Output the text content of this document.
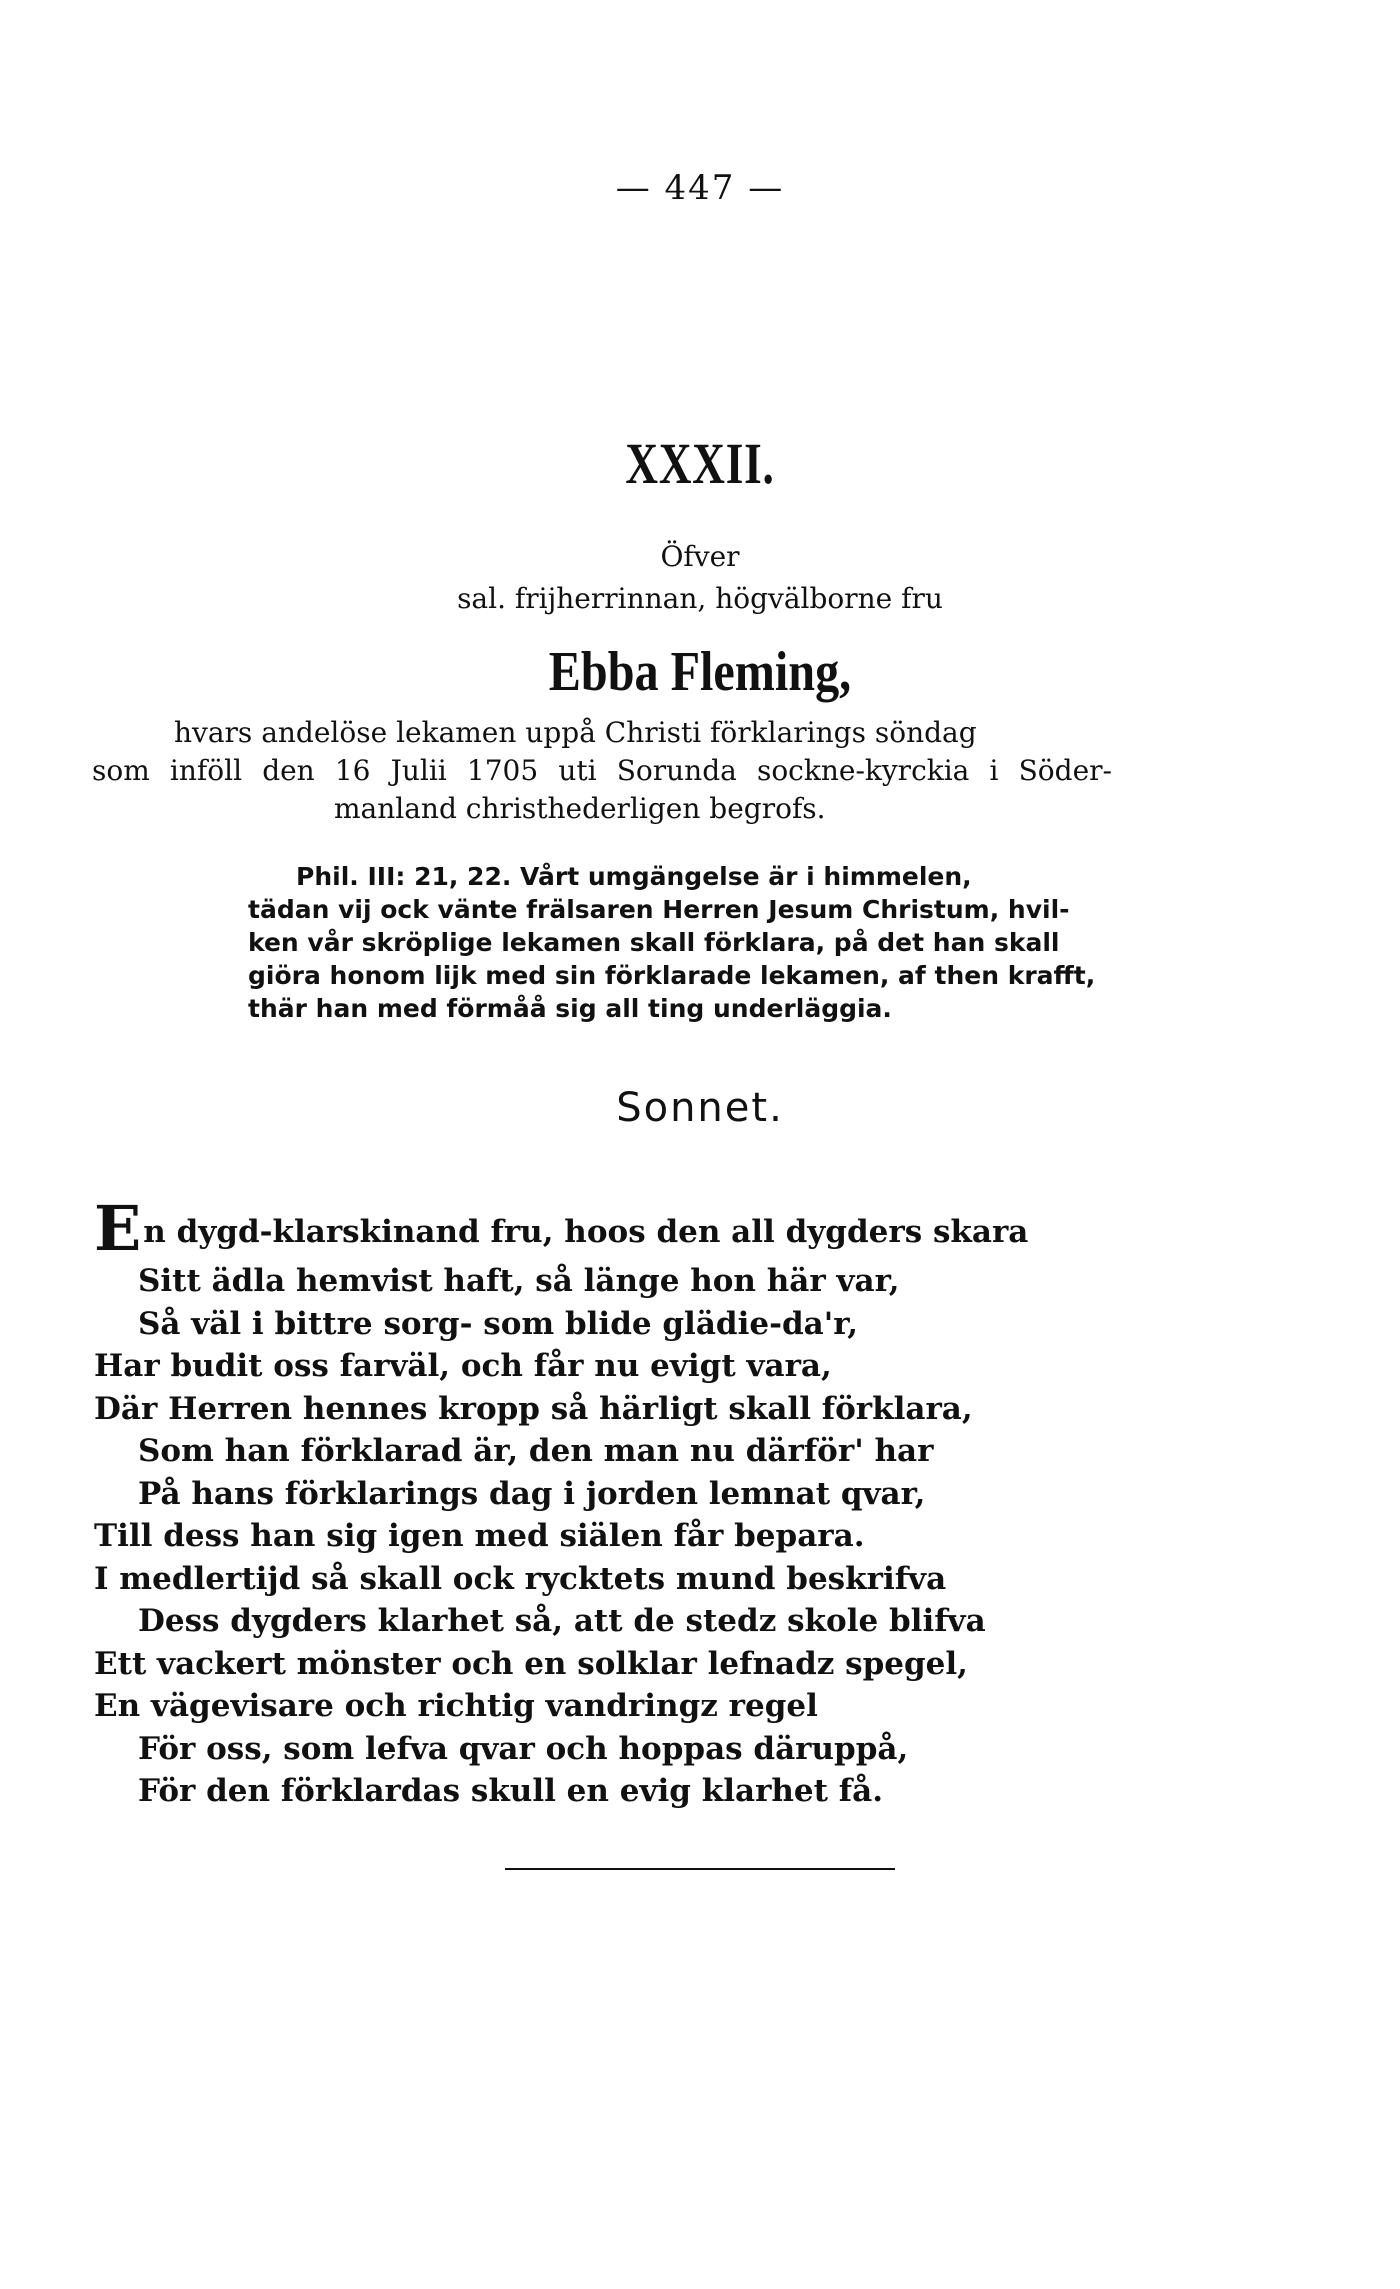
— 447 —
XXXII.
Öfver
sal. frijherrinnan, högvälborne fru
Ebba Fleming,
hvars andelöse lekamen uppå Christi förklarings söndag
som inföll den 16 Julii 1705 uti Sorunda sockne-kyrckia i Söder-
manland christhederligen begrofs.
Phil. III: 21, 22. Vårt umgängelse är i himmelen,
tädan vij ock vänte frälsaren Herren Jesum Christum, hvil-
ken vår skröplige lekamen skall förklara, på det han skall
giöra honom lijk med sin förklarade lekamen, af then krafft,
thär han med förmåå sig all ting underläggia.
Sonnet.
En dygd-klarskinand fru, hoos den all dygders skara
Sitt ädla hemvist haft, så länge hon här var,
Så väl i bittre sorg- som blide glädie-da'r,
Har budit oss farväl, och får nu evigt vara,
Där Herren hennes kropp så härligt skall förklara,
Som han förklarad är, den man nu därför' har
På hans förklarings dag i jorden lemnat qvar,
Till dess han sig igen med siälen får bepara.
I medlertijd så skall ock rycktets mund beskrifva
Dess dygders klarhet så, att de stedz skole blifva
Ett vackert mönster och en solklar lefnadz spegel,
En vägevisare och richtig vandringz regel
För oss, som lefva qvar och hoppas däruppå,
För den förklardas skull en evig klarhet få.
